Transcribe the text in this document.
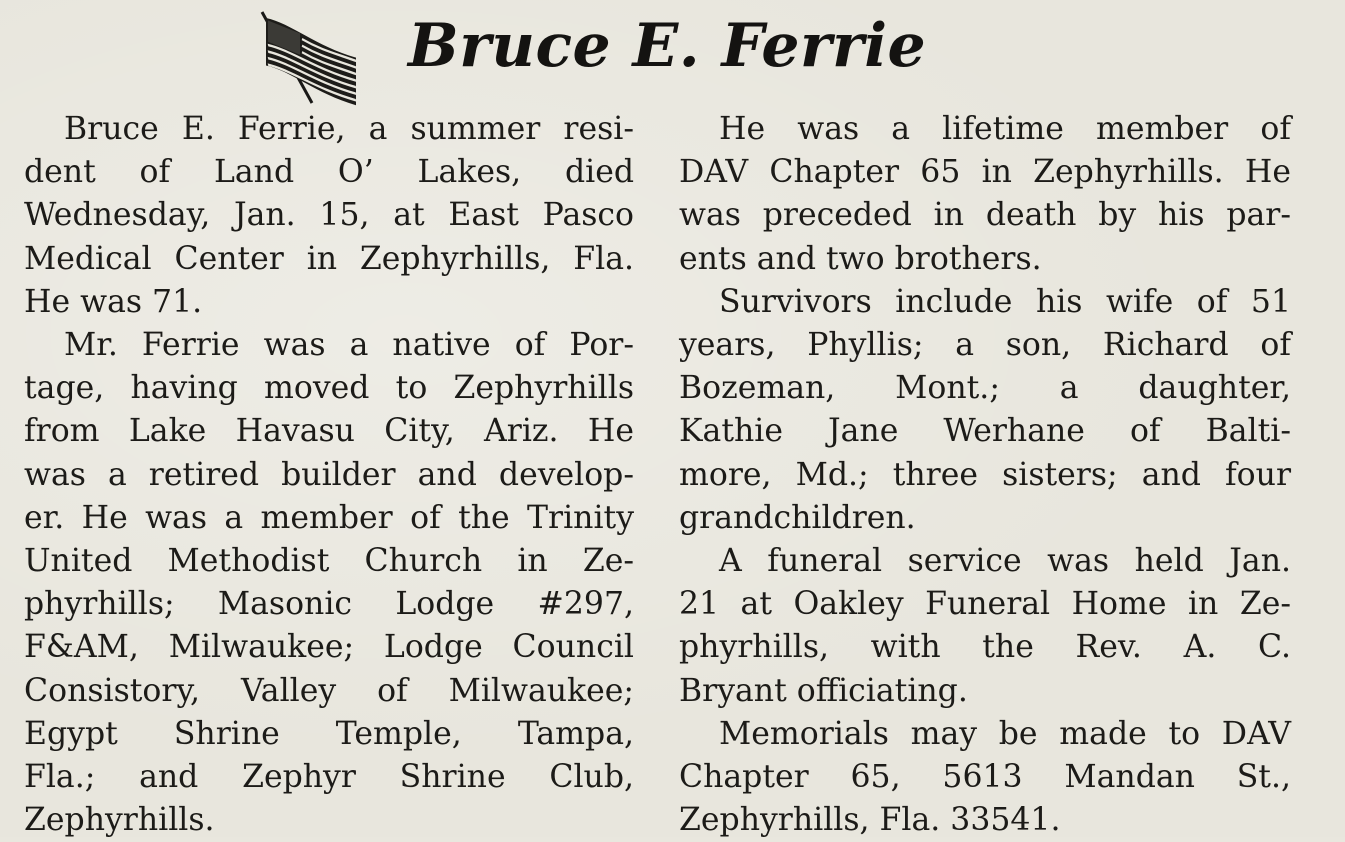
Bruce E. Ferrie
Bruce E. Ferrie, a summer resi-
dent of Land O’ Lakes, died
Wednesday, Jan. 15, at East Pasco
Medical Center in Zephyrhills, Fla.
He was 71.
Mr. Ferrie was a native of Por-
tage, having moved to Zephyrhills
from Lake Havasu City, Ariz. He
was a retired builder and develop-
er. He was a member of the Trinity
United Methodist Church in Ze-
phyrhills; Masonic Lodge #297,
F&AM, Milwaukee; Lodge Council
Consistory, Valley of Milwaukee;
Egypt Shrine Temple, Tampa,
Fla.; and Zephyr Shrine Club,
Zephyrhills.
He was a lifetime member of
DAV Chapter 65 in Zephyrhills. He
was preceded in death by his par-
ents and two brothers.
Survivors include his wife of 51
years, Phyllis; a son, Richard of
Bozeman, Mont.; a daughter,
Kathie Jane Werhane of Balti-
more, Md.; three sisters; and four
grandchildren.
A funeral service was held Jan.
21 at Oakley Funeral Home in Ze-
phyrhills, with the Rev. A. C.
Bryant officiating.
Memorials may be made to DAV
Chapter 65, 5613 Mandan St.,
Zephyrhills, Fla. 33541.
